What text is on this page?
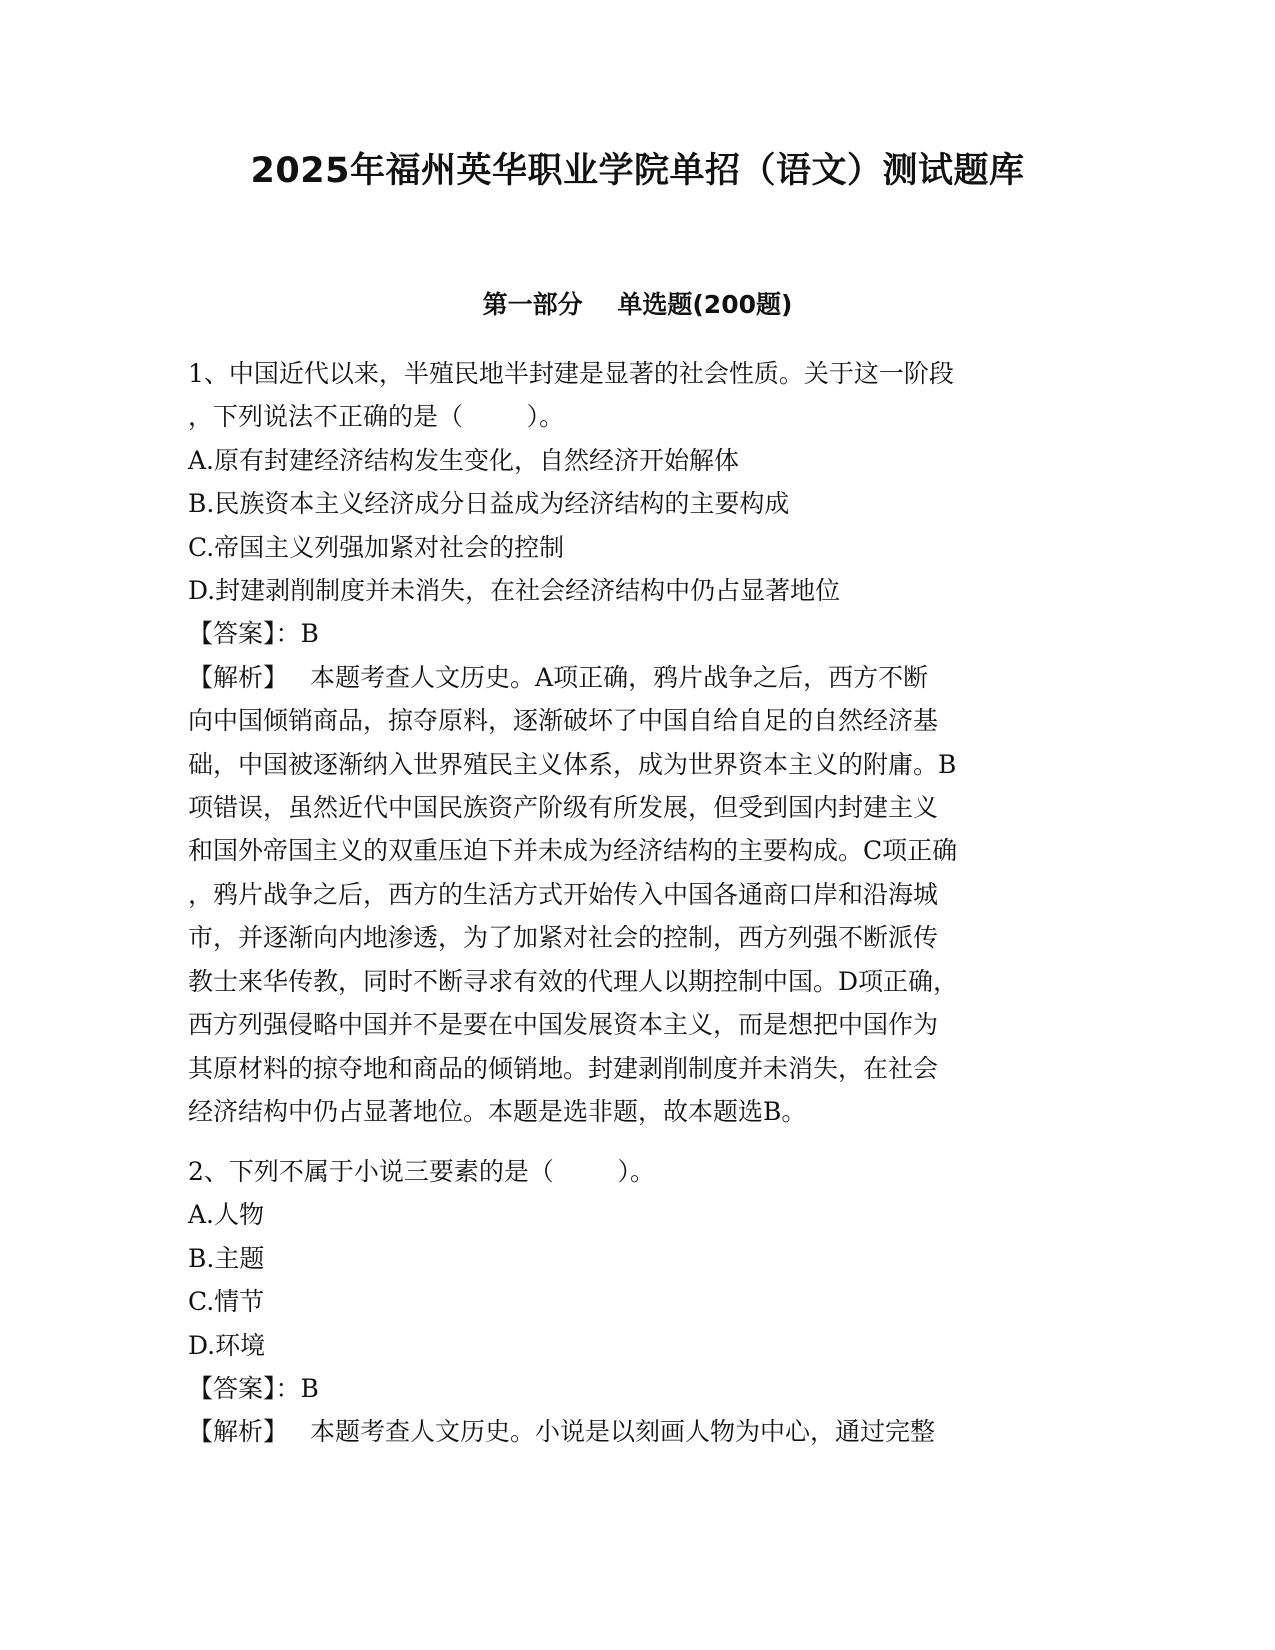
2025年福州英华职业学院单招（语文）测试题库
第一部分    单选题(200题)
1、中国近代以来，半殖民地半封建是显著的社会性质。关于这一阶段
，下列说法不正确的是（        ）。
A.原有封建经济结构发生变化，自然经济开始解体
B.民族资本主义经济成分日益成为经济结构的主要构成
C.帝国主义列强加紧对社会的控制
D.封建剥削制度并未消失，在社会经济结构中仍占显著地位
【答案】：B
【解析】 本题考查人文历史。A项正确，鸦片战争之后，西方不断
向中国倾销商品，掠夺原料，逐渐破坏了中国自给自足的自然经济基
础，中国被逐渐纳入世界殖民主义体系，成为世界资本主义的附庸。B
项错误，虽然近代中国民族资产阶级有所发展，但受到国内封建主义
和国外帝国主义的双重压迫下并未成为经济结构的主要构成。C项正确
，鸦片战争之后，西方的生活方式开始传入中国各通商口岸和沿海城
市，并逐渐向内地渗透，为了加紧对社会的控制，西方列强不断派传
教士来华传教，同时不断寻求有效的代理人以期控制中国。D项正确，
西方列强侵略中国并不是要在中国发展资本主义，而是想把中国作为
其原材料的掠夺地和商品的倾销地。封建剥削制度并未消失，在社会
经济结构中仍占显著地位。本题是选非题，故本题选B。
2、下列不属于小说三要素的是（        ）。
A.人物
B.主题
C.情节
D.环境
【答案】：B
【解析】 本题考查人文历史。小说是以刻画人物为中心，通过完整
